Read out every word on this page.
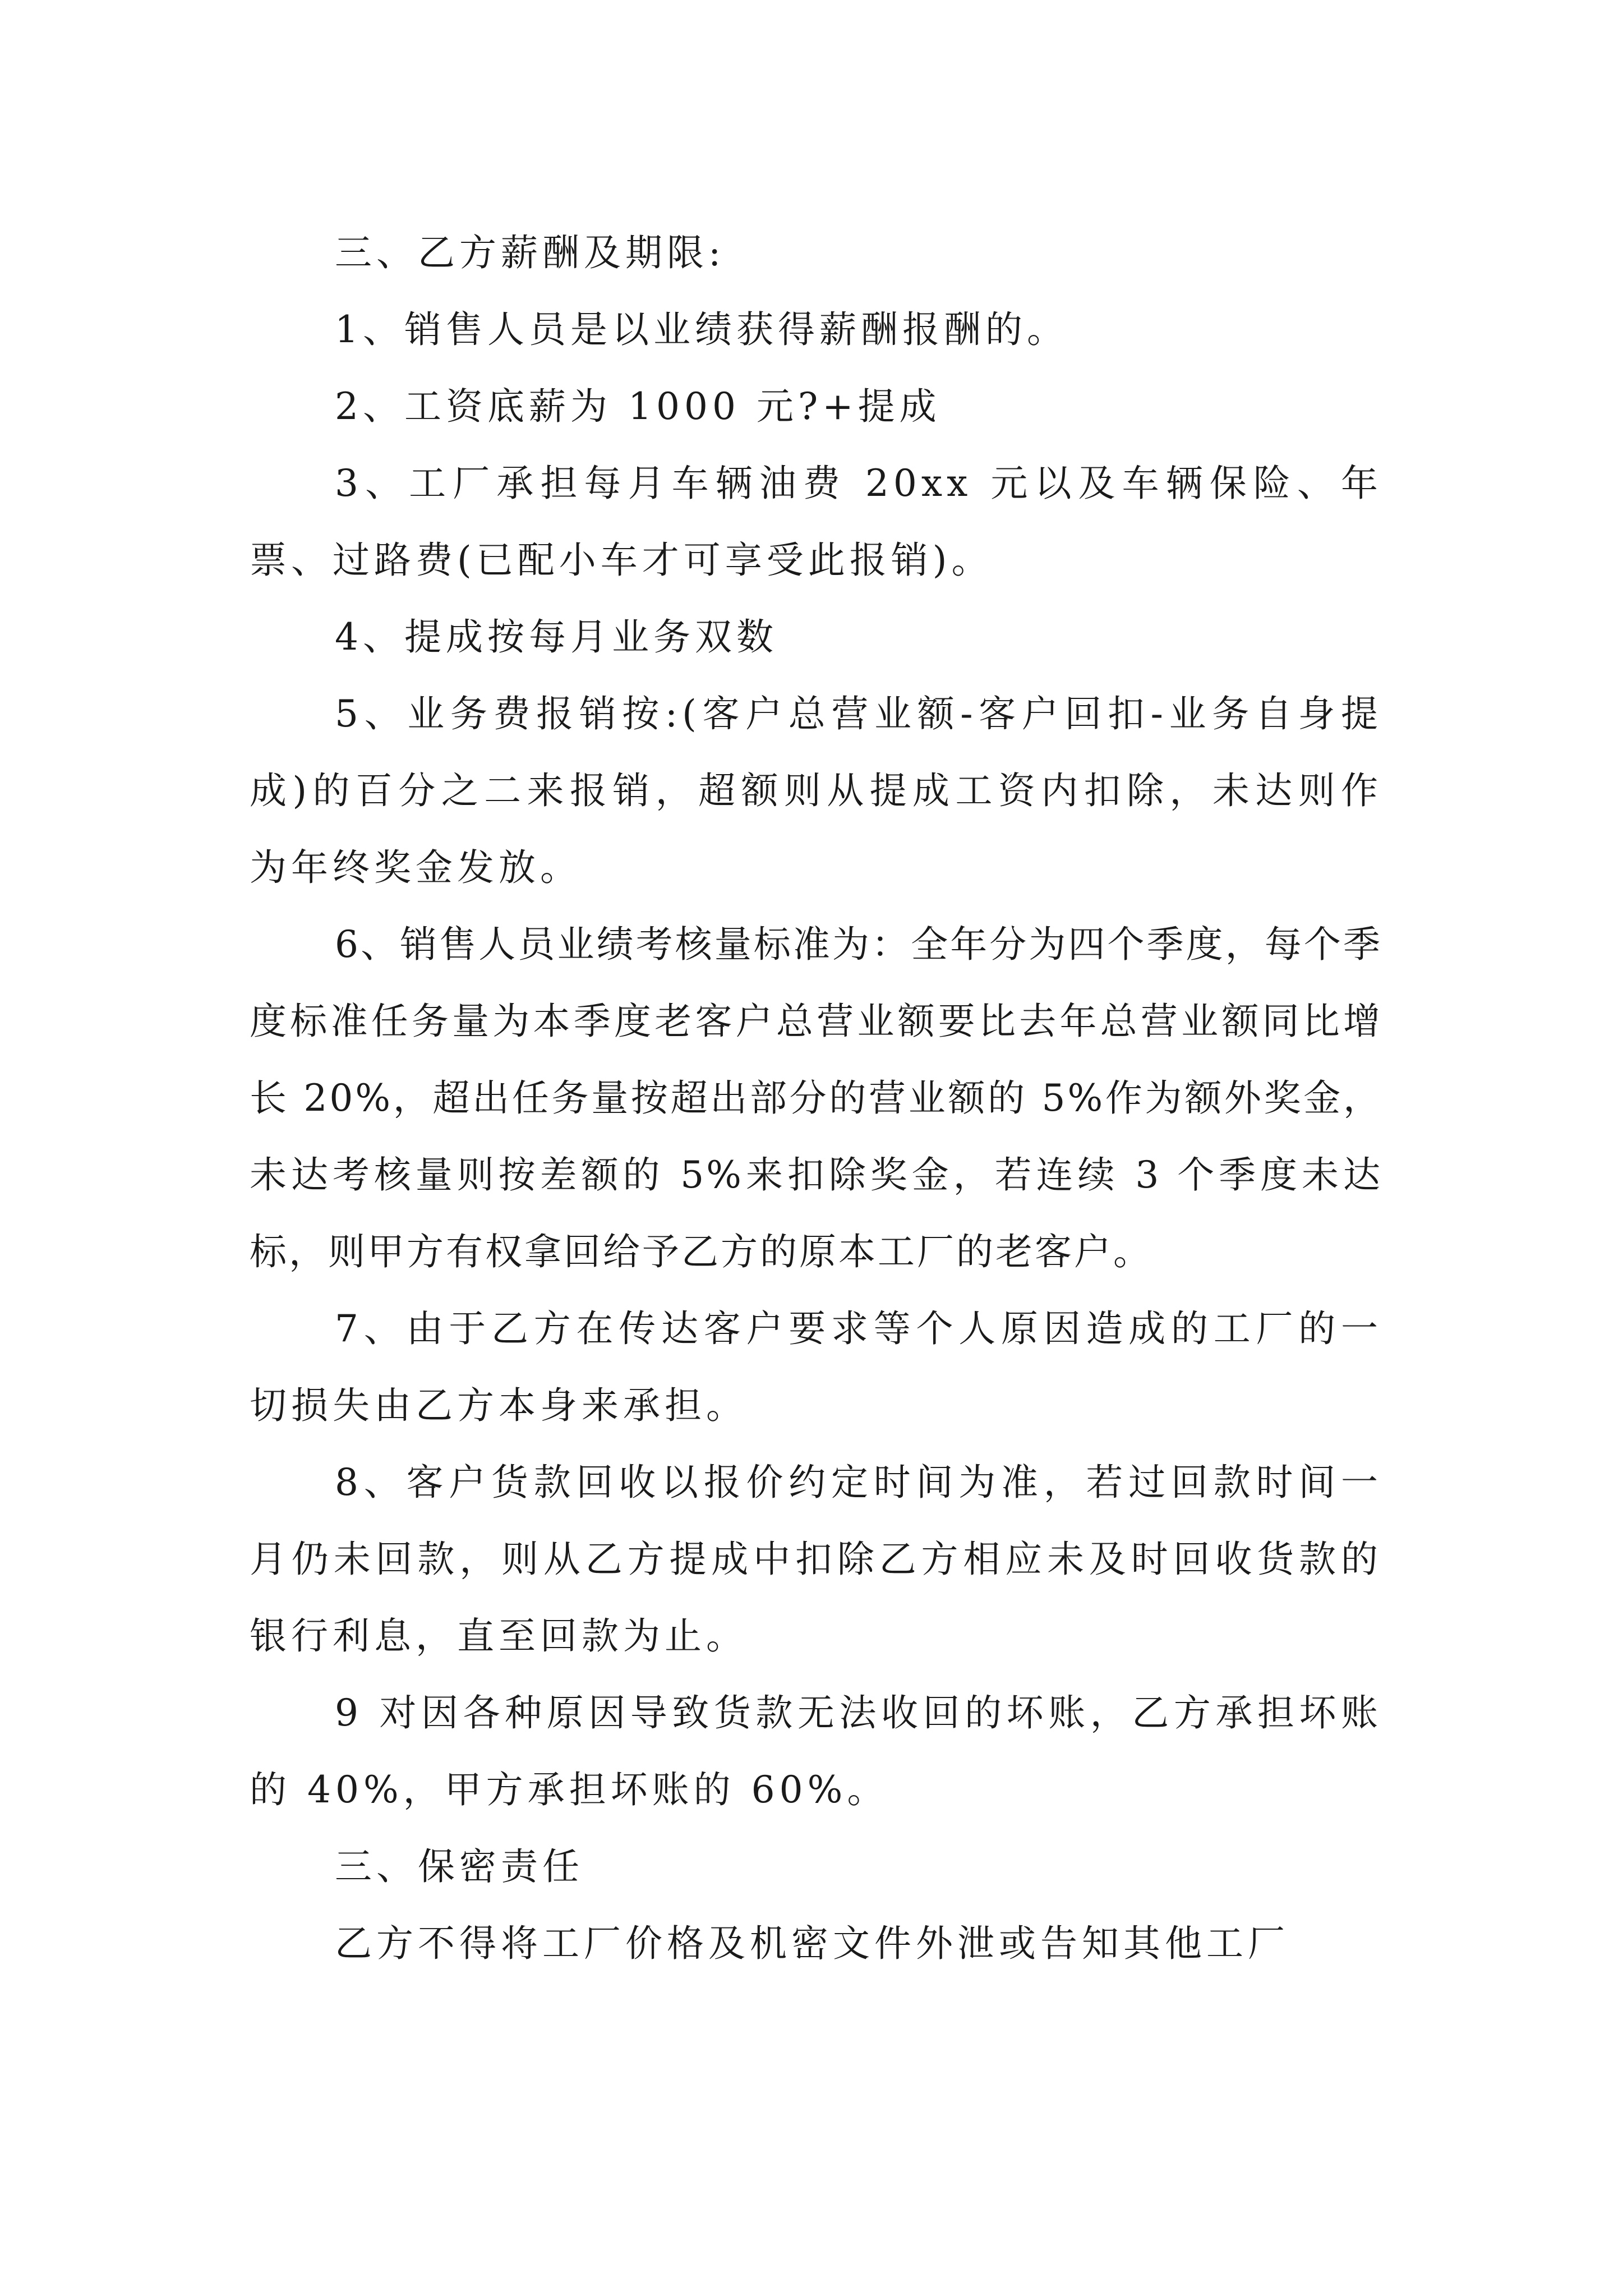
三、乙方薪酬及期限:

1、销售人员是以业绩获得薪酬报酬的。

2、工资底薪为 1000 元?+提成

3、工厂承担每月车辆油费 20xx 元以及车辆保险、年票、过路费(已配小车才可享受此报销)。

4、提成按每月业务双数

5、业务费报销按:(客户总营业额-客户回扣-业务自身提成)的百分之二来报销，超额则从提成工资内扣除，未达则作为年终奖金发放。

6、销售人员业绩考核量标准为：全年分为四个季度，每个季度标准任务量为本季度老客户总营业额要比去年总营业额同比增长 20%，超出任务量按超出部分的营业额的 5%作为额外奖金，未达考核量则按差额的 5%来扣除奖金，若连续 3 个季度未达标，则甲方有权拿回给予乙方的原本工厂的老客户。

7、由于乙方在传达客户要求等个人原因造成的工厂的一切损失由乙方本身来承担。

8、客户货款回收以报价约定时间为准，若过回款时间一月仍未回款，则从乙方提成中扣除乙方相应未及时回收货款的银行利息，直至回款为止。

9 对因各种原因导致货款无法收回的坏账，乙方承担坏账的 40%，甲方承担坏账的 60%。

三、保密责任

乙方不得将工厂价格及机密文件外泄或告知其他工厂
